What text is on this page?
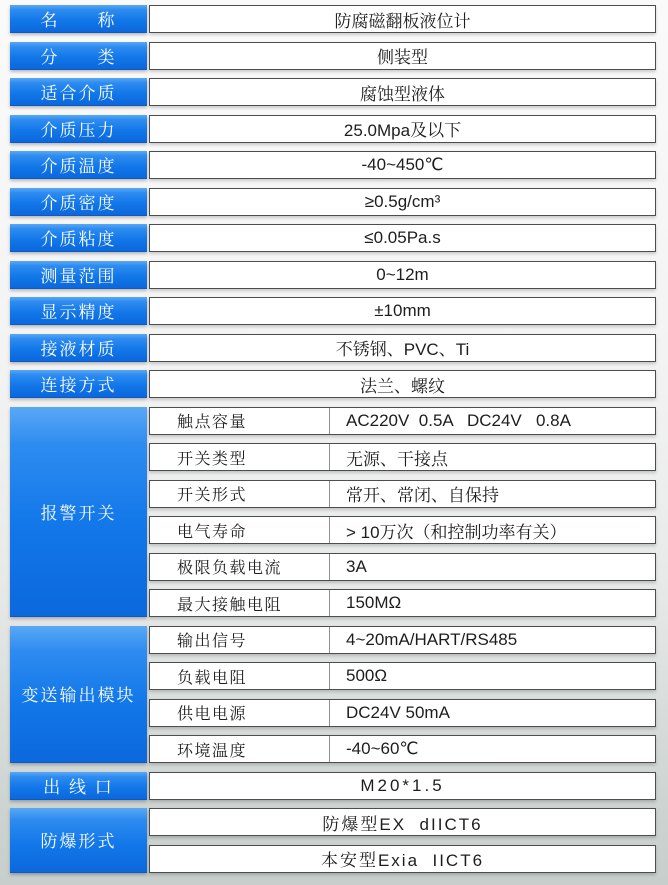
名　　称	防腐磁翻板液位计
分　　类	侧装型
适合介质	腐蚀型液体
介质压力	25.0Mpa及以下
介质温度	-40~450℃
介质密度	≥0.5g/cm³
介质粘度	≤0.05Pa.s
测量范围	0~12m
显示精度	±10mm
接液材质	不锈钢、PVC、Ti
连接方式	法兰、螺纹
报警开关
触点容量	AC220V  0.5A   DC24V   0.8A
开关类型	无源、干接点
开关形式	常开、常闭、自保持
电气寿命	> 10万次（和控制功率有关）
极限负载电流	3A
最大接触电阻	150MΩ
变送输出模块
输出信号	4~20mA/HART/RS485
负载电阻	500Ω
供电电源	DC24V 50mA
环境温度	-40~60℃
出 线 口	M20*1.5
防爆形式
防爆型EX  dIICT6
本安型Exia  IICT6
